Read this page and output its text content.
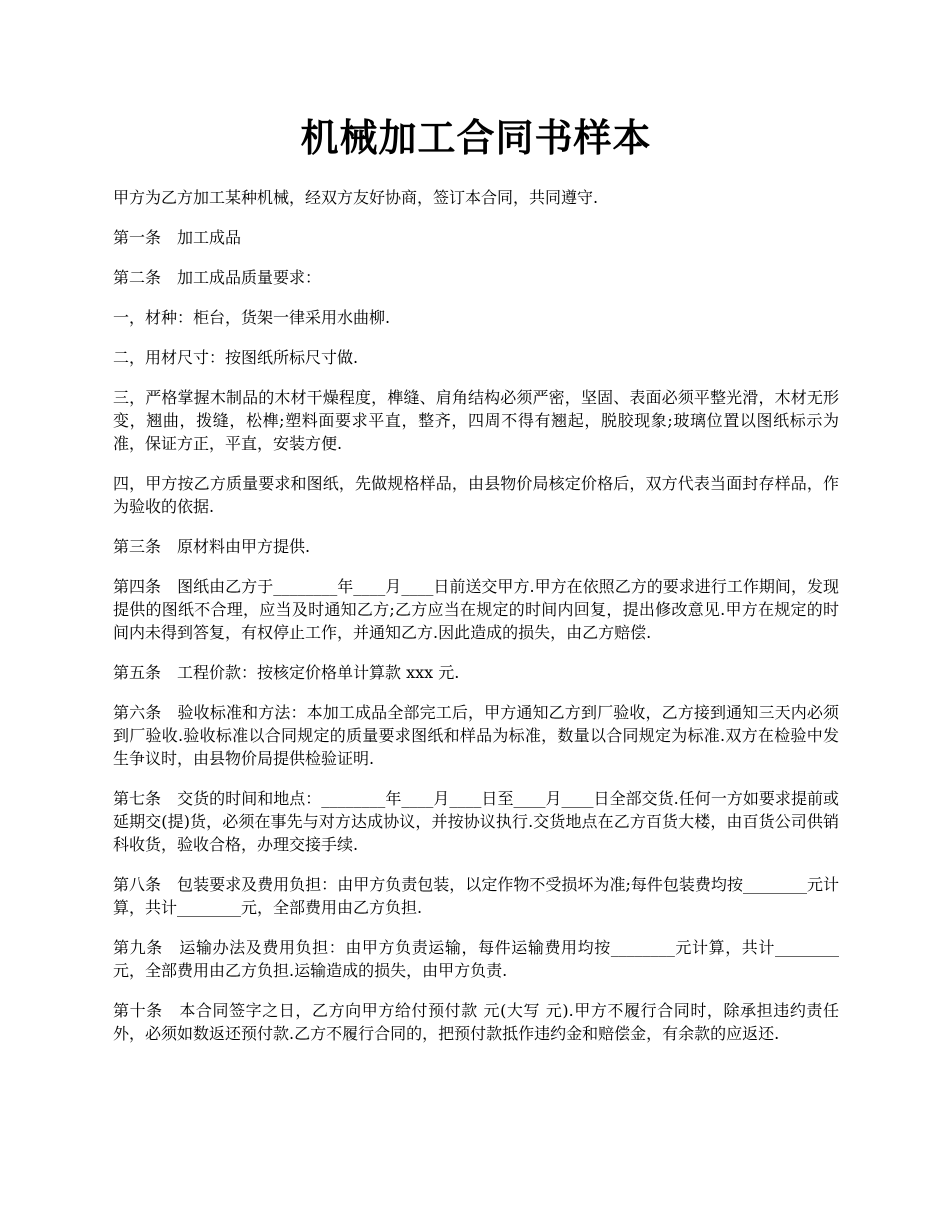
机械加工合同书样本

甲方为乙方加工某种机械，经双方友好协商，签订本合同，共同遵守.

第一条　加工成品

第二条　加工成品质量要求：

一，材种：柜台，货架一律采用水曲柳.

二，用材尺寸：按图纸所标尺寸做.

三，严格掌握木制品的木材干燥程度，榫缝、肩角结构必须严密，坚固、表面必须平整光滑，木材无形变，翘曲，拨缝，松榫;塑料面要求平直，整齐，四周不得有翘起，脱胶现象;玻璃位置以图纸标示为准，保证方正，平直，安装方便.

四，甲方按乙方质量要求和图纸，先做规格样品，由县物价局核定价格后，双方代表当面封存样品，作为验收的依据.

第三条　原材料由甲方提供.

第四条　图纸由乙方于________年____月____日前送交甲方.甲方在依照乙方的要求进行工作期间，发现提供的图纸不合理，应当及时通知乙方;乙方应当在规定的时间内回复，提出修改意见.甲方在规定的时间内未得到答复，有权停止工作，并通知乙方.因此造成的损失，由乙方赔偿.

第五条　工程价款：按核定价格单计算款 xxx 元.

第六条　验收标准和方法：本加工成品全部完工后，甲方通知乙方到厂验收，乙方接到通知三天内必须到厂验收.验收标准以合同规定的质量要求图纸和样品为标准，数量以合同规定为标准.双方在检验中发生争议时，由县物价局提供检验证明.

第七条　交货的时间和地点：________年____月____日至____月____日全部交货.任何一方如要求提前或延期交(提)货，必须在事先与对方达成协议，并按协议执行.交货地点在乙方百货大楼，由百货公司供销科收货，验收合格，办理交接手续.

第八条　包装要求及费用负担：由甲方负责包装，以定作物不受损坏为准;每件包装费均按________元计算，共计________元，全部费用由乙方负担.

第九条　运输办法及费用负担：由甲方负责运输，每件运输费用均按________元计算，共计________元，全部费用由乙方负担.运输造成的损失，由甲方负责.

第十条　本合同签字之日，乙方向甲方给付预付款 元(大写 元).甲方不履行合同时，除承担违约责任外，必须如数返还预付款.乙方不履行合同的，把预付款抵作违约金和赔偿金，有余款的应返还.
